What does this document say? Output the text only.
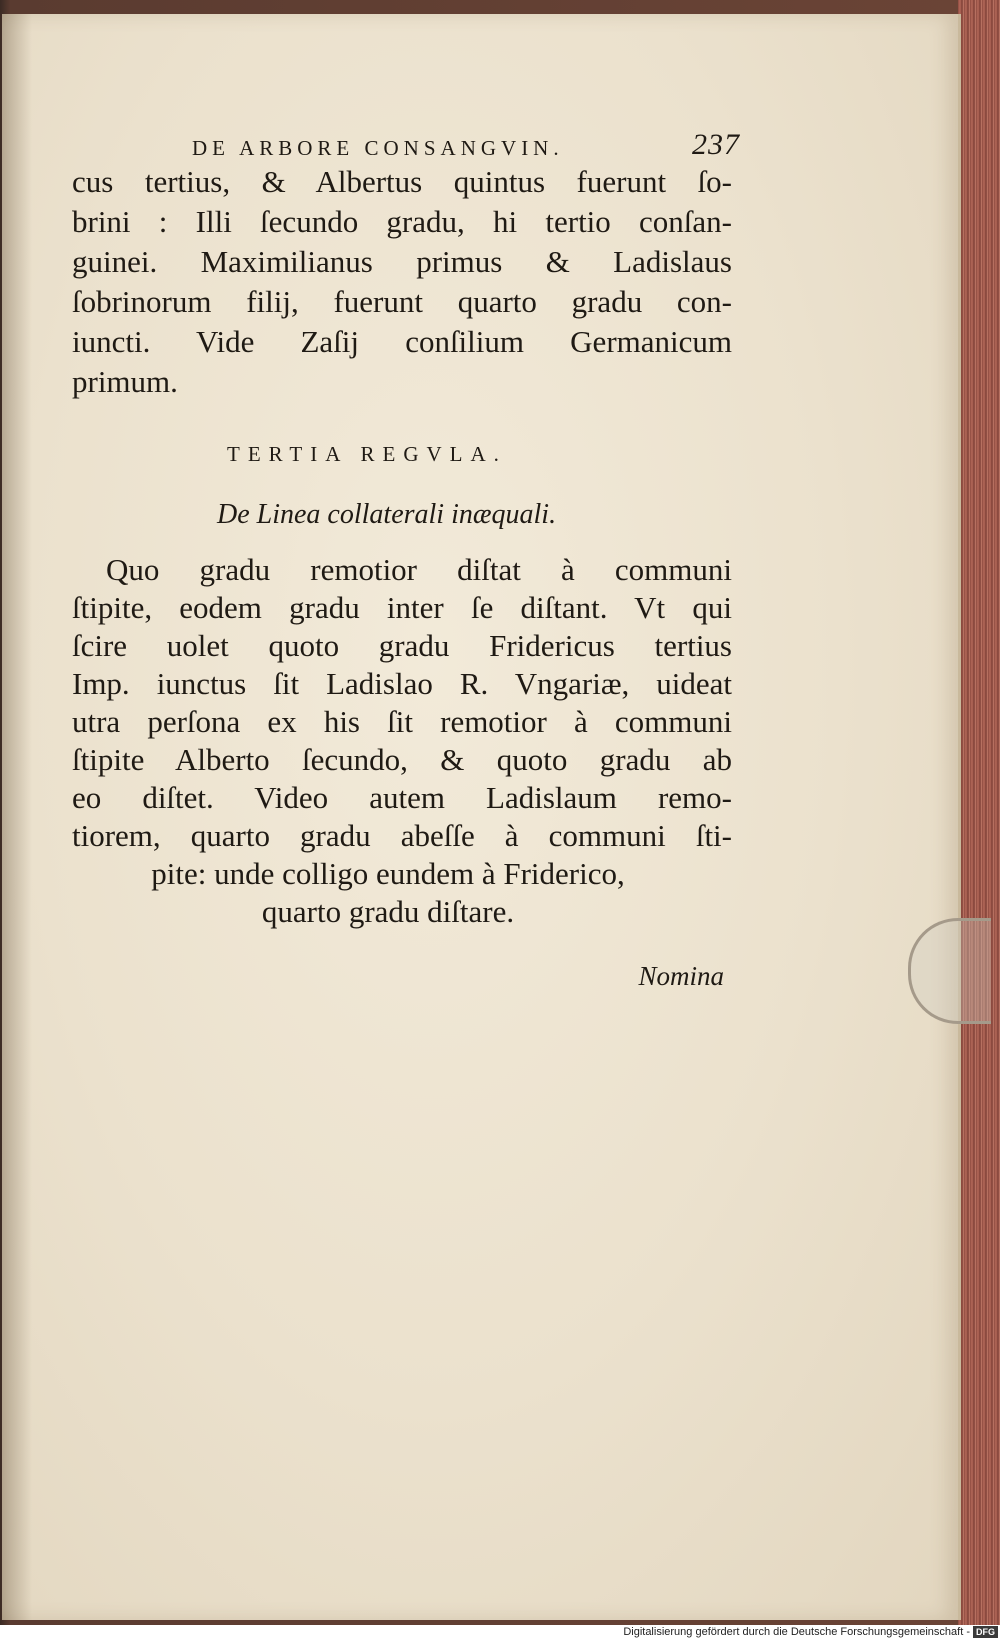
DE ARBORE CONSANGVIN.	237
cus tertius, & Albertus quintus fuerunt ſo-
brini : Illi ſecundo gradu, hi tertio conſan-
guinei. Maximilianus primus & Ladislaus
ſobrinorum filij, fuerunt quarto gradu con-
iuncti. Vide Zaſij conſilium Germanicum
primum.
TERTIA REGVLA.
De Linea collaterali inæquali.
Quo gradu remotior diſtat à communi
ſtipite, eodem gradu inter ſe diſtant. Vt qui
ſcire uolet quoto gradu Fridericus tertius
Imp. iunctus ſit Ladislao R. Vngariæ, uideat
utra perſona ex his ſit remotior à communi
ſtipite Alberto ſecundo, & quoto gradu ab
eo diſtet. Video autem Ladislaum remo-
tiorem, quarto gradu abeſſe à communi ſti-
pite: unde colligo eundem à Friderico,
quarto gradu diſtare.
Nomina
Digitalisierung gefördert durch die Deutsche Forschungsgemeinschaft - DFG
